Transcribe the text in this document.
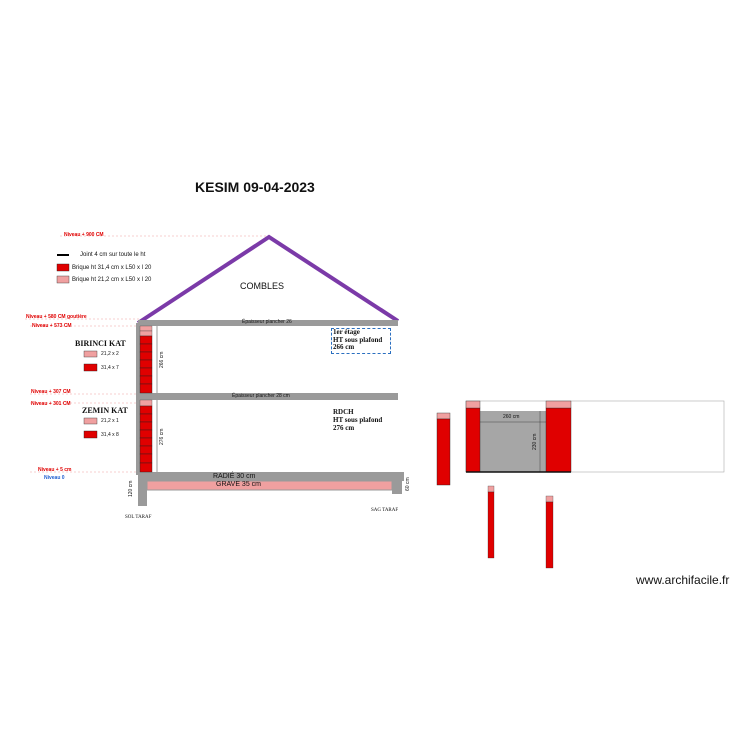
KESIM 09-04-2023
Niveau + 900 CM
Niveau + 580 CM goutière
Niveau + 573 CM
Niveau + 307 CM
Niveau + 301 CM
Niveau + 5 cm
Niveau 0
Joint 4 cm sur toute le ht
Brique ht 31,4 cm x L50 x l 20
Brique ht 21,2 cm x L50 x l 20
COMBLES
Épaisseur plancher 26
Épaisseur plancher 28 cm
1er étage
HT sous plafond
266 cm
RDCH
HT sous plafond
276 cm
BIRINCI KAT
21,2 x 2
31,4 x 7
ZEMIN KAT
21,2 x 1
31,4 x 8
RADIÉ 30 cm
GRAVE 35 cm
266 cm
276 cm
120 cm	60 cm
SOL TARAF
SAG TARAF
260 cm
230 cm
www.archifacile.fr
